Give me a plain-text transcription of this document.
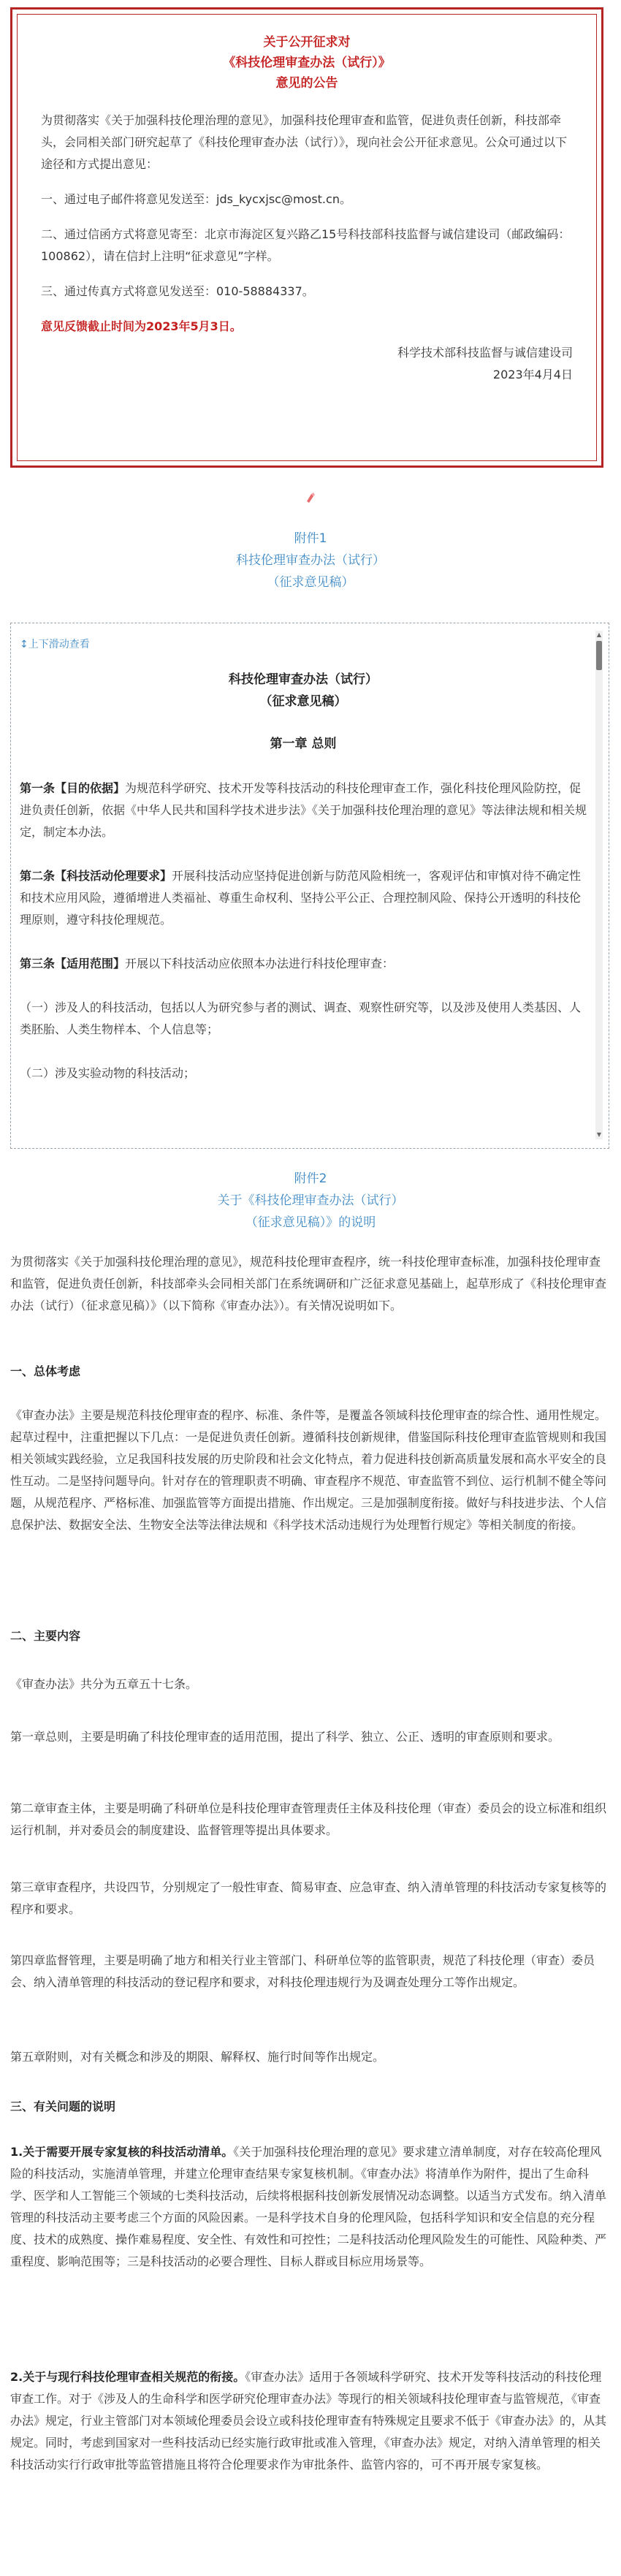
关于公开征求对
《科技伦理审查办法（试行）》
意见的公告

为贯彻落实《关于加强科技伦理治理的意见》，加强科技伦理审查和监管，促进负责任创新，科技部牵头，会同相关部门研究起草了《科技伦理审查办法（试行）》，现向社会公开征求意见。公众可通过以下途径和方式提出意见：

一、通过电子邮件将意见发送至：jds_kycxjsc@most.cn。

二、通过信函方式将意见寄至：北京市海淀区复兴路乙15号科技部科技监督与诚信建设司（邮政编码：100862），请在信封上注明“征求意见”字样。

三、通过传真方式将意见发送至：010-58884337。

意见反馈截止时间为2023年5月3日。

科学技术部科技监督与诚信建设司
2023年4月4日
附件1
科技伦理审查办法（试行）
（征求意见稿）
↕上下滑动查看
▲
▼
科技伦理审查办法（试行）
（征求意见稿）
第一章 总则

第一条【目的依据】为规范科学研究、技术开发等科技活动的科技伦理审查工作，强化科技伦理风险防控，促进负责任创新，依据《中华人民共和国科学技术进步法》《关于加强科技伦理治理的意见》等法律法规和相关规定，制定本办法。

第二条【科技活动伦理要求】开展科技活动应坚持促进创新与防范风险相统一，客观评估和审慎对待不确定性和技术应用风险，遵循增进人类福祉、尊重生命权利、坚持公平公正、合理控制风险、保持公开透明的科技伦理原则，遵守科技伦理规范。

第三条【适用范围】开展以下科技活动应依照本办法进行科技伦理审查：

（一）涉及人的科技活动，包括以人为研究参与者的测试、调查、观察性研究等，以及涉及使用人类基因、人类胚胎、人类生物样本、个人信息等；

（二）涉及实验动物的科技活动；

附件2
关于《科技伦理审查办法（试行）
（征求意见稿）》的说明

为贯彻落实《关于加强科技伦理治理的意见》，规范科技伦理审查程序，统一科技伦理审查标准，加强科技伦理审查和监管，促进负责任创新，科技部牵头会同相关部门在系统调研和广泛征求意见基础上，起草形成了《科技伦理审查办法（试行）（征求意见稿）》（以下简称《审查办法》）。有关情况说明如下。

一、总体考虑

《审查办法》主要是规范科技伦理审查的程序、标准、条件等，是覆盖各领域科技伦理审查的综合性、通用性规定。起草过程中，注重把握以下几点：一是促进负责任创新。遵循科技创新规律，借鉴国际科技伦理审查监管规则和我国相关领域实践经验，立足我国科技发展的历史阶段和社会文化特点，着力促进科技创新高质量发展和高水平安全的良性互动。二是坚持问题导向。针对存在的管理职责不明确、审查程序不规范、审查监管不到位、运行机制不健全等问题，从规范程序、严格标准、加强监管等方面提出措施、作出规定。三是加强制度衔接。做好与科技进步法、个人信息保护法、数据安全法、生物安全法等法律法规和《科学技术活动违规行为处理暂行规定》等相关制度的衔接。

二、主要内容

《审查办法》共分为五章五十七条。

第一章总则，主要是明确了科技伦理审查的适用范围，提出了科学、独立、公正、透明的审查原则和要求。

第二章审查主体，主要是明确了科研单位是科技伦理审查管理责任主体及科技伦理（审查）委员会的设立标准和组织运行机制，并对委员会的制度建设、监督管理等提出具体要求。

第三章审查程序，共设四节，分别规定了一般性审查、简易审查、应急审查、纳入清单管理的科技活动专家复核等的程序和要求。

第四章监督管理，主要是明确了地方和相关行业主管部门、科研单位等的监管职责，规范了科技伦理（审查）委员会、纳入清单管理的科技活动的登记程序和要求，对科技伦理违规行为及调查处理分工等作出规定。

第五章附则，对有关概念和涉及的期限、解释权、施行时间等作出规定。

三、有关问题的说明

1.关于需要开展专家复核的科技活动清单。《关于加强科技伦理治理的意见》要求建立清单制度，对存在较高伦理风险的科技活动，实施清单管理，并建立伦理审查结果专家复核机制。《审查办法》将清单作为附件，提出了生命科学、医学和人工智能三个领域的七类科技活动，后续将根据科技创新发展情况动态调整。以适当方式发布。纳入清单管理的科技活动主要考虑三个方面的风险因素。一是科学技术自身的伦理风险，包括科学知识和安全信息的充分程度、技术的成熟度、操作难易程度、安全性、有效性和可控性；二是科技活动伦理风险发生的可能性、风险种类、严重程度、影响范围等；三是科技活动的必要合理性、目标人群或目标应用场景等。

2.关于与现行科技伦理审查相关规范的衔接。《审查办法》适用于各领域科学研究、技术开发等科技活动的科技伦理审查工作。对于《涉及人的生命科学和医学研究伦理审查办法》等现行的相关领域科技伦理审查与监管规范，《审查办法》规定，行业主管部门对本领域伦理委员会设立或科技伦理审查有特殊规定且要求不低于《审查办法》的，从其规定。同时，考虑到国家对一些科技活动已经实施行政审批或准入管理，《审查办法》规定，对纳入清单管理的相关科技活动实行行政审批等监管措施且将符合伦理要求作为审批条件、监管内容的，可不再开展专家复核。
